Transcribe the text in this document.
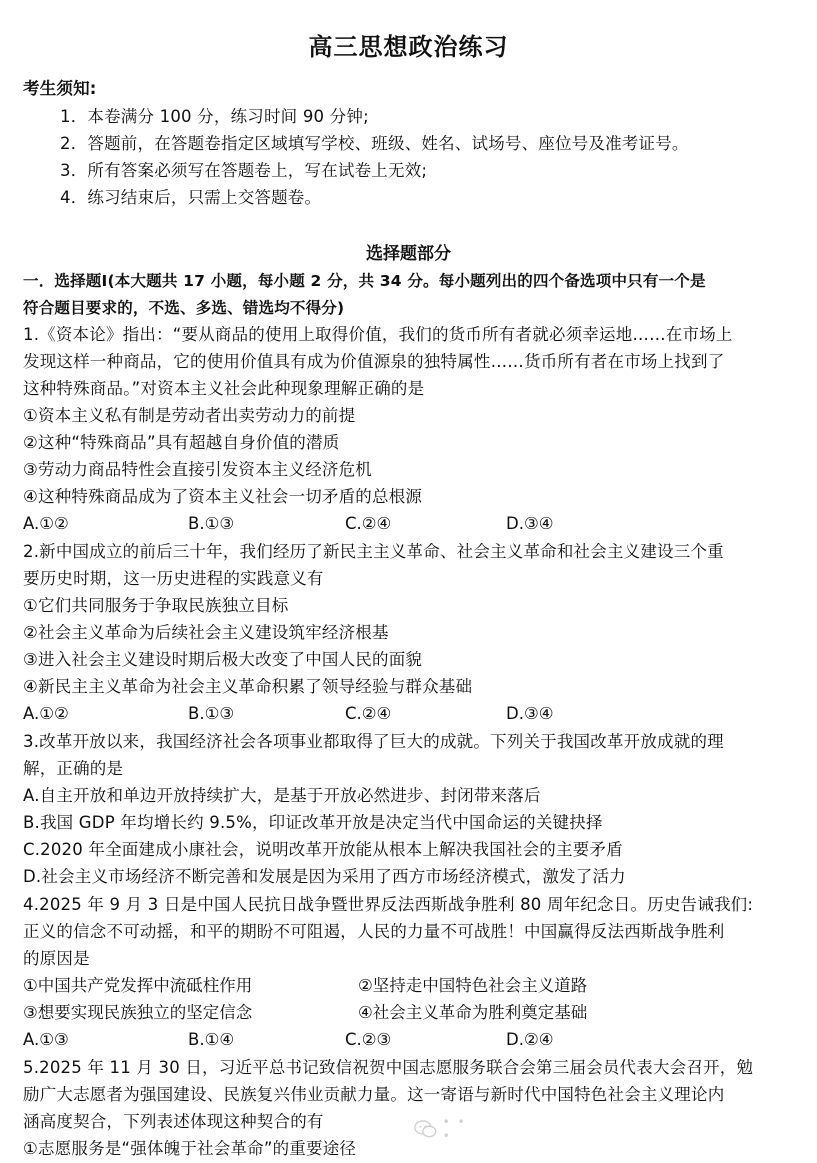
高三思想政治练习
考生须知:
1．本卷满分 100 分，练习时间 90 分钟;
2．答题前，在答题卷指定区域填写学校、班级、姓名、试场号、座位号及准考证号。
3．所有答案必须写在答题卷上，写在试卷上无效;
4．练习结束后，只需上交答题卷。
选择题部分
一．选择题Ⅰ(本大题共 17 小题，每小题 2 分，共 34 分。每小题列出的四个备选项中只有一个是
符合题目要求的，不选、多选、错选均不得分)
1.《资本论》指出：“要从商品的使用上取得价值，我们的货币所有者就必须幸运地……在市场上
发现这样一种商品，它的使用价值具有成为价值源泉的独特属性……货币所有者在市场上找到了
这种特殊商品。”对资本主义社会此种现象理解正确的是
①资本主义私有制是劳动者出卖劳动力的前提
②这种“特殊商品”具有超越自身价值的潜质
③劳动力商品特性会直接引发资本主义经济危机
④这种特殊商品成为了资本主义社会一切矛盾的总根源
A.①②	B.①③	C.②④	D.③④
2.新中国成立的前后三十年，我们经历了新民主主义革命、社会主义革命和社会主义建设三个重
要历史时期，这一历史进程的实践意义有
①它们共同服务于争取民族独立目标
②社会主义革命为后续社会主义建设筑牢经济根基
③进入社会主义建设时期后极大改变了中国人民的面貌
④新民主主义革命为社会主义革命积累了领导经验与群众基础
A.①②	B.①③	C.②④	D.③④
3.改革开放以来，我国经济社会各项事业都取得了巨大的成就。下列关于我国改革开放成就的理
解，正确的是
A.自主开放和单边开放持续扩大，是基于开放必然进步、封闭带来落后
B.我国 GDP 年均增长约 9.5%，印证改革开放是决定当代中国命运的关键抉择
C.2020 年全面建成小康社会，说明改革开放能从根本上解决我国社会的主要矛盾
D.社会主义市场经济不断完善和发展是因为采用了西方市场经济模式，激发了活力
4.2025 年 9 月 3 日是中国人民抗日战争暨世界反法西斯战争胜利 80 周年纪念日。历史告诫我们:
正义的信念不可动摇，和平的期盼不可阻遏，人民的力量不可战胜！中国赢得反法西斯战争胜利
的原因是
①中国共产党发挥中流砥柱作用	②坚持走中国特色社会主义道路
③想要实现民族独立的坚定信念	④社会主义革命为胜利奠定基础
A.①③	B.①④	C.②③	D.②④
5.2025 年 11 月 30 日，习近平总书记致信祝贺中国志愿服务联合会第三届会员代表大会召开，勉
励广大志愿者为强国建设、民族复兴伟业贡献力量。这一寄语与新时代中国特色社会主义理论内
涵高度契合，下列表述体现这种契合的有
①志愿服务是“强体魄于社会革命”的重要途径
• • •
